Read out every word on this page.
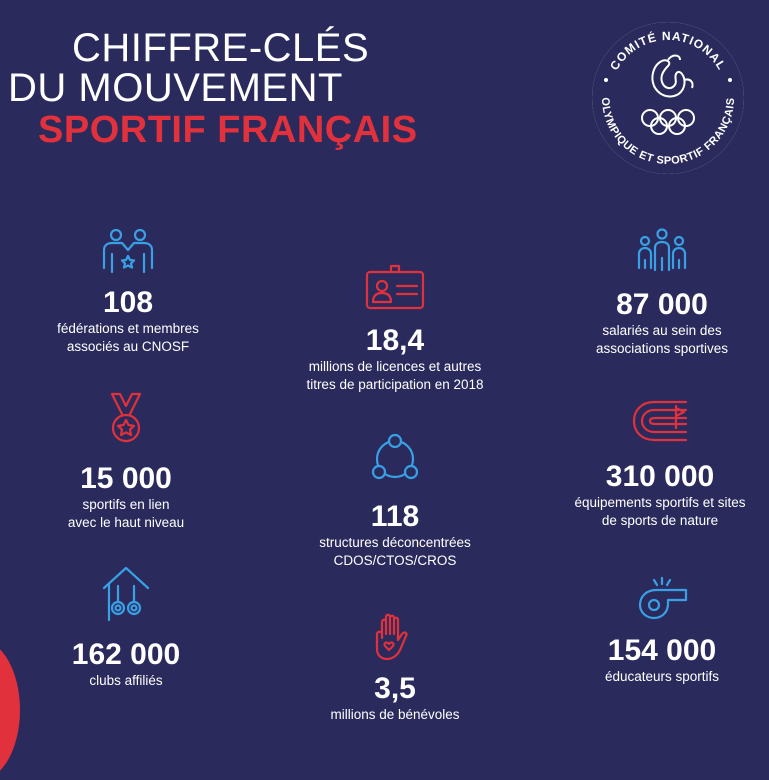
CHIFFRE-CLÉS
DU MOUVEMENT
SPORTIF FRANÇAIS
COMITÉ NATIONAL
OLYMPIQUE ET SPORTIF FRANÇAIS
108
fédérations et membres
associés au CNOSF	18,4
millions de licences et autres
titres de participation en 2018
87 000
salariés au sein des
associations sportives
15 000
sportifs en lien
avec le haut niveau	118
structures déconcentrées
CDOS/CTOS/CROS
310 000
équipements sportifs et sites
de sports de nature
162 000
clubs affiliés	3,5
millions de bénévoles
154 000
éducateurs sportifs
